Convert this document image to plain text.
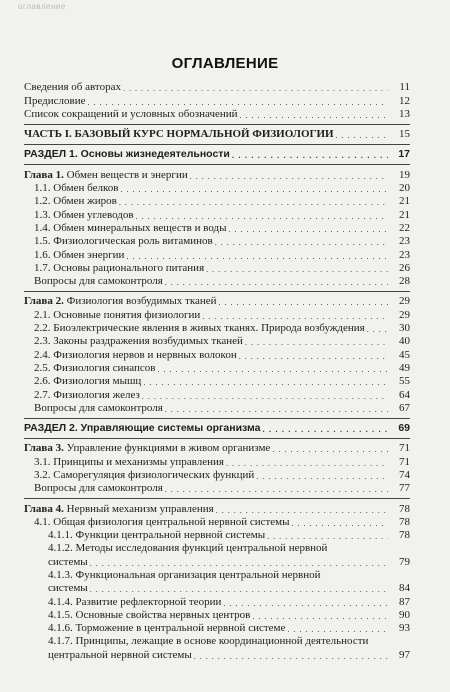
оглавление
ОГЛАВЛЕНИЕ
Сведения об авторах . . .	11
Предисловие . . .	12
Список сокращений и условных обозначений . . .	13
ЧАСТЬ I. БАЗОВЫЙ КУРС НОРМАЛЬНОЙ ФИЗИОЛОГИИ . . .	15
РАЗДЕЛ 1. Основы жизнедеятельности . . .	17
Глава 1. Обмен веществ и энергии . . .	19
1.1. Обмен белков . . .	20
1.2. Обмен жиров . . .	21
1.3. Обмен углеводов . . .	21
1.4. Обмен минеральных веществ и воды . . .	22
1.5. Физиологическая роль витаминов . . .	23
1.6. Обмен энергии . . .	23
1.7. Основы рационального питания . . .	26
Вопросы для самоконтроля . . .	28
Глава 2. Физиология возбудимых тканей . . .	29
2.1. Основные понятия физиологии . . .	29
2.2. Биоэлектрические явления в живых тканях. Природа возбуждения . . .	30
2.3. Законы раздражения возбудимых тканей . . .	40
2.4. Физиология нервов и нервных волокон . . .	45
2.5. Физиология синапсов . . .	49
2.6. Физиология мышц . . .	55
2.7. Физиология желез . . .	64
Вопросы для самоконтроля . . .	67
РАЗДЕЛ 2. Управляющие системы организма . . .	69
Глава 3. Управление функциями в живом организме . . .	71
3.1. Принципы и механизмы управления . . .	71
3.2. Саморегуляция физиологических функций . . .	74
Вопросы для самоконтроля . . .	77
Глава 4. Нервный механизм управления . . .	78
4.1. Общая физиология центральной нервной системы . . .	78
4.1.1. Функции центральной нервной системы . . .	78
4.1.2. Методы исследования функций центральной нервной
системы . . .	79
4.1.3. Функциональная организация центральной нервной
системы . . .	84
4.1.4. Развитие рефлекторной теории . . .	87
4.1.5. Основные свойства нервных центров . . .	90
4.1.6. Торможение в центральной нервной системе . . .	93
4.1.7. Принципы, лежащие в основе координационной деятельности
центральной нервной системы . . .	97
